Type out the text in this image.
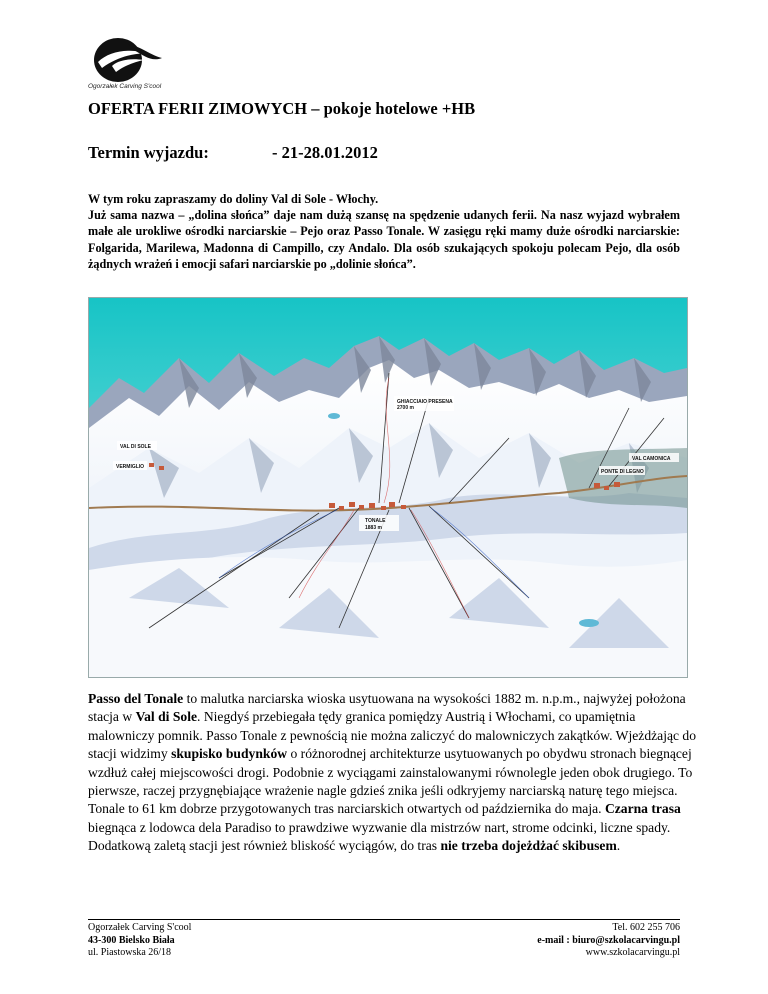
Ogorzałek Carving S'cool
OFERTA FERII ZIMOWYCH – pokoje hotelowe +HB
Termin wyjazdu:	- 21-28.01.2012

W tym roku zapraszamy do doliny Val di Sole - Włochy.

Już sama nazwa – „dolina słońca” daje nam dużą szansę na spędzenie udanych ferii. Na nasz wyjazd wybrałem małe ale urokliwe ośrodki narciarskie – Pejo oraz Passo Tonale. W zasięgu ręki mamy duże ośrodki narciarskie: Folgarida, Marilewa, Madonna di Campillo, czy Andalo. Dla osób szukających spokoju polecam Pejo, dla osób żądnych wrażeń i emocji safari narciarskie po „dolinie słońca”.

TONALE
1883 m
VAL DI SOLE
VERMIGLIO
PONTE DI LEGNO
VAL CAMONICA
GHIACCIAIO PRESENA
2700 m
Passo del Tonale to malutka narciarska wioska usytuowana na wysokości 1882 m. n.p.m., najwyżej położona stacja w Val di Sole. Niegdyś przebiegała tędy granica pomiędzy Austrią i Włochami, co upamiętnia malowniczy pomnik. Passo Tonale z pewnością nie można zaliczyć do malowniczych zakątków. Wjeżdżając do stacji widzimy skupisko budynków o różnorodnej architekturze usytuowanych po obydwu stronach biegnącej wzdłuż całej miejscowości drogi. Podobnie z wyciągami zainstalowanymi równolegle jeden obok drugiego. To pierwsze, raczej przygnębiające wrażenie nagle gdzieś znika jeśli odkryjemy narciarską naturę tego miejsca. Tonale to 61 km dobrze przygotowanych tras narciarskich otwartych od października do maja. Czarna trasa biegnąca z lodowca dela Paradiso to prawdziwe wyzwanie dla mistrzów nart, strome odcinki, liczne spady. Dodatkową zaletą stacji jest również bliskość wyciągów, do tras nie trzeba dojeżdżać skibusem.
Ogorzałek Carving S'cool
43-300 Bielsko Biała
ul. Piastowska 26/18
Tel. 602 255 706
e-mail : biuro@szkolacarvingu.pl
www.szkolacarvingu.pl
